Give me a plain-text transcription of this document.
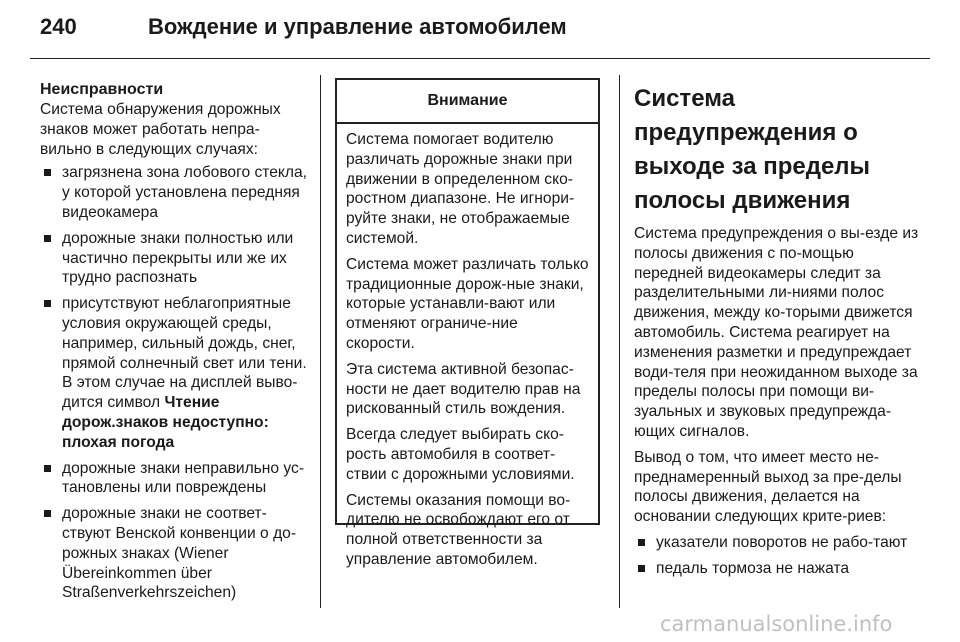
240	Вождение и управление автомобилем
Неисправности

Система обнаружения дорожных знаков может работать непра-вильно в следующих случаях:

загрязнена зона лобового стекла, у которой установлена передняя видеокамера
дорожные знаки полностью или частично перекрыты или же их трудно распознать
присутствуют неблагоприятные условия окружающей среды, например, сильный дождь, снег, прямой солнечный свет или тени. В этом случае на дисплей выво-дится символ Чтение дорож.знаков недоступно: плохая погода
дорожные знаки неправильно ус-тановлены или повреждены
дорожные знаки не соответ-ствуют Венской конвенции о до-рожных знаках (Wiener Übereinkommen über Straßenverkehrszeichen)
Внимание

Система помогает водителю различать дорожные знаки при движении в определенном ско-ростном диапазоне. Не игнори-руйте знаки, не отображаемые системой.

Система может различать только традиционные дорож-ные знаки, которые устанавли-вают или отменяют ограниче-ние скорости.

Эта система активной безопас-ности не дает водителю прав на рискованный стиль вождения.

Всегда следует выбирать ско-рость автомобиля в соответ-ствии с дорожными условиями.

Системы оказания помощи во-дителю не освобождают его от полной ответственности за управление автомобилем.

Система предупреждения о выходе за пределы полосы движения

Система предупреждения о вы-езде из полосы движения с по-мощью передней видеокамеры следит за разделительными ли-ниями полос движения, между ко-торыми движется автомобиль. Система реагирует на изменения разметки и предупреждает води-теля при неожиданном выходе за пределы полосы при помощи ви-зуальных и звуковых предупрежда-ющих сигналов.

Вывод о том, что имеет место не-преднамеренный выход за пре-делы полосы движения, делается на основании следующих крите-риев:

указатели поворотов не рабо-тают
педаль тормоза не нажата
carmanualsonline.info
